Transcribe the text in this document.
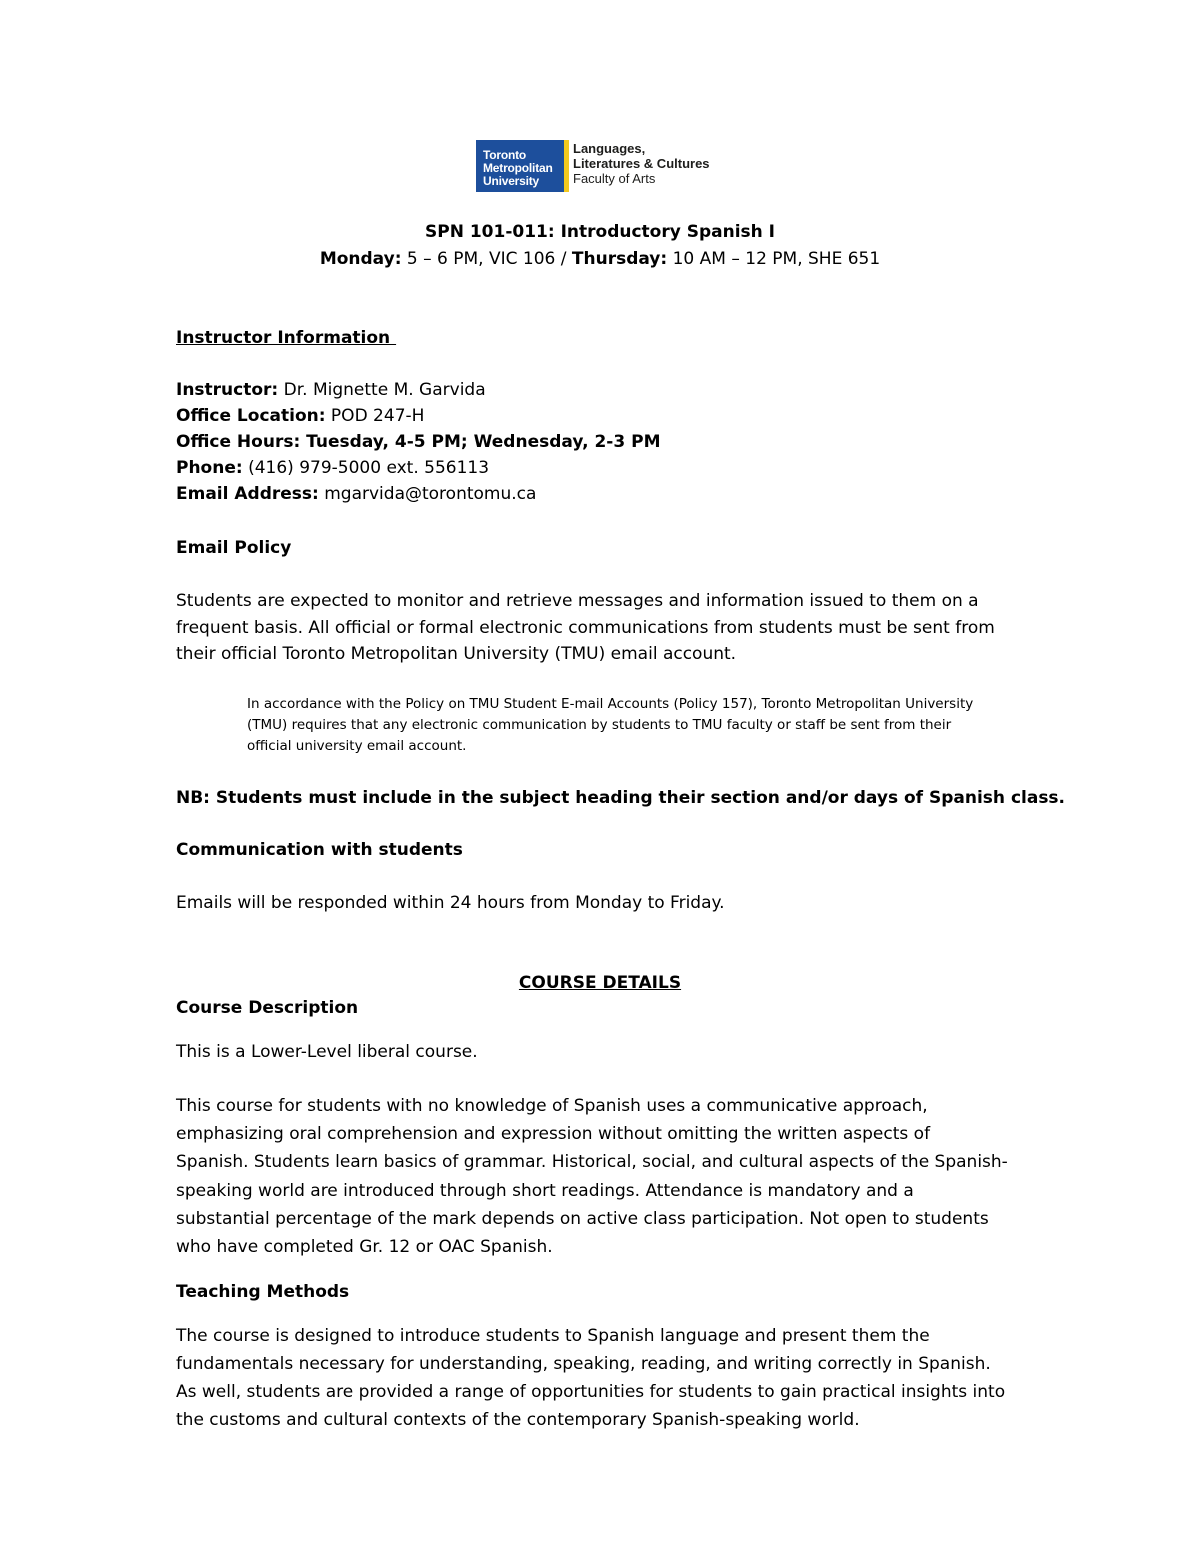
Toronto
Metropolitan
University
Languages,
Literatures & Cultures
Faculty of Arts
SPN 101-011: Introductory Spanish I
Monday: 5 – 6 PM, VIC 106 / Thursday: 10 AM – 12 PM, SHE 651
Instructor Information
Instructor: Dr. Mignette M. Garvida
Office Location: POD 247-H
Office Hours: Tuesday, 4-5 PM; Wednesday, 2-3 PM
Phone: (416) 979-5000 ext. 556113
Email Address: mgarvida@torontomu.ca
Email Policy
Students are expected to monitor and retrieve messages and information issued to them on a
frequent basis. All official or formal electronic communications from students must be sent from
their official Toronto Metropolitan University (TMU) email account.
In accordance with the Policy on TMU Student E-mail Accounts (Policy 157), Toronto Metropolitan University
(TMU) requires that any electronic communication by students to TMU faculty or staff be sent from their
official university email account.
NB: Students must include in the subject heading their section and/or days of Spanish class.
Communication with students
Emails will be responded within 24 hours from Monday to Friday.
COURSE DETAILS
Course Description
This is a Lower-Level liberal course.
This course for students with no knowledge of Spanish uses a communicative approach,
emphasizing oral comprehension and expression without omitting the written aspects of
Spanish. Students learn basics of grammar. Historical, social, and cultural aspects of the Spanish-
speaking world are introduced through short readings. Attendance is mandatory and a
substantial percentage of the mark depends on active class participation. Not open to students
who have completed Gr. 12 or OAC Spanish.
Teaching Methods
The course is designed to introduce students to Spanish language and present them the
fundamentals necessary for understanding, speaking, reading, and writing correctly in Spanish.
As well, students are provided a range of opportunities for students to gain practical insights into
the customs and cultural contexts of the contemporary Spanish-speaking world.
